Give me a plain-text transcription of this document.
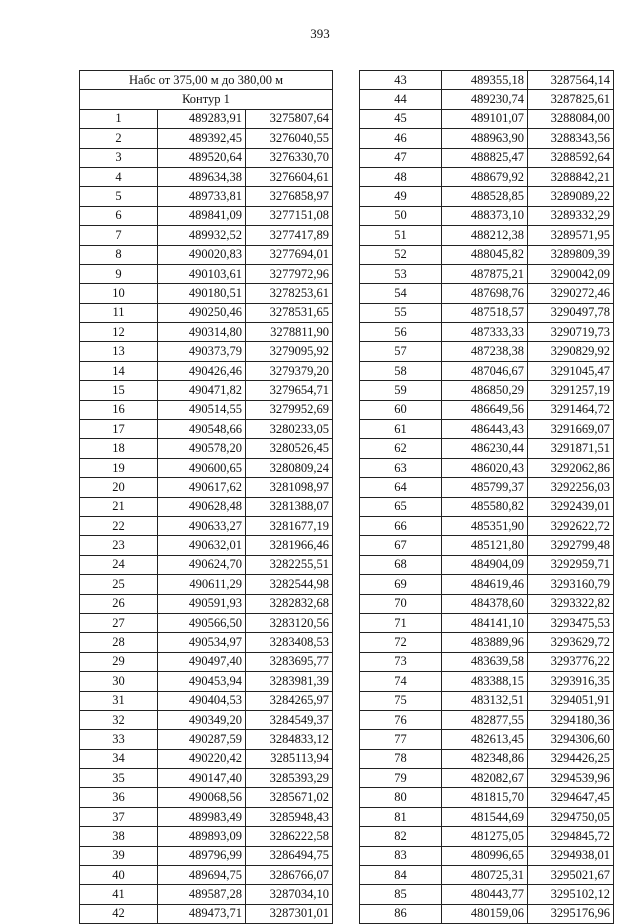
393
Набс от 375,00 м до 380,00 м		
Контур 1		
1	489283,91	3275807,64
2	489392,45	3276040,55
3	489520,64	3276330,70
4	489634,38	3276604,61
5	489733,81	3276858,97
6	489841,09	3277151,08
7	489932,52	3277417,89
8	490020,83	3277694,01
9	490103,61	3277972,96
10	490180,51	3278253,61
11	490250,46	3278531,65
12	490314,80	3278811,90
13	490373,79	3279095,92
14	490426,46	3279379,20
15	490471,82	3279654,71
16	490514,55	3279952,69
17	490548,66	3280233,05
18	490578,20	3280526,45
19	490600,65	3280809,24
20	490617,62	3281098,97
21	490628,48	3281388,07
22	490633,27	3281677,19
23	490632,01	3281966,46
24	490624,70	3282255,51
25	490611,29	3282544,98
26	490591,93	3282832,68
27	490566,50	3283120,56
28	490534,97	3283408,53
29	490497,40	3283695,77
30	490453,94	3283981,39
31	490404,53	3284265,97
32	490349,20	3284549,37
33	490287,59	3284833,12
34	490220,42	3285113,94
35	490147,40	3285393,29
36	490068,56	3285671,02
37	489983,49	3285948,43
38	489893,09	3286222,58
39	489796,99	3286494,75
40	489694,75	3286766,07
41	489587,28	3287034,10
42	489473,71	3287301,01
43	489355,18	3287564,14
44	489230,74	3287825,61
45	489101,07	3288084,00
46	488963,90	3288343,56
47	488825,47	3288592,64
48	488679,92	3288842,21
49	488528,85	3289089,22
50	488373,10	3289332,29
51	488212,38	3289571,95
52	488045,82	3289809,39
53	487875,21	3290042,09
54	487698,76	3290272,46
55	487518,57	3290497,78
56	487333,33	3290719,73
57	487238,38	3290829,92
58	487046,67	3291045,47
59	486850,29	3291257,19
60	486649,56	3291464,72
61	486443,43	3291669,07
62	486230,44	3291871,51
63	486020,43	3292062,86
64	485799,37	3292256,03
65	485580,82	3292439,01
66	485351,90	3292622,72
67	485121,80	3292799,48
68	484904,09	3292959,71
69	484619,46	3293160,79
70	484378,60	3293322,82
71	484141,10	3293475,53
72	483889,96	3293629,72
73	483639,58	3293776,22
74	483388,15	3293916,35
75	483132,51	3294051,91
76	482877,55	3294180,36
77	482613,45	3294306,60
78	482348,86	3294426,25
79	482082,67	3294539,96
80	481815,70	3294647,45
81	481544,69	3294750,05
82	481275,05	3294845,72
83	480996,65	3294938,01
84	480725,31	3295021,67
85	480443,77	3295102,12
86	480159,06	3295176,96
